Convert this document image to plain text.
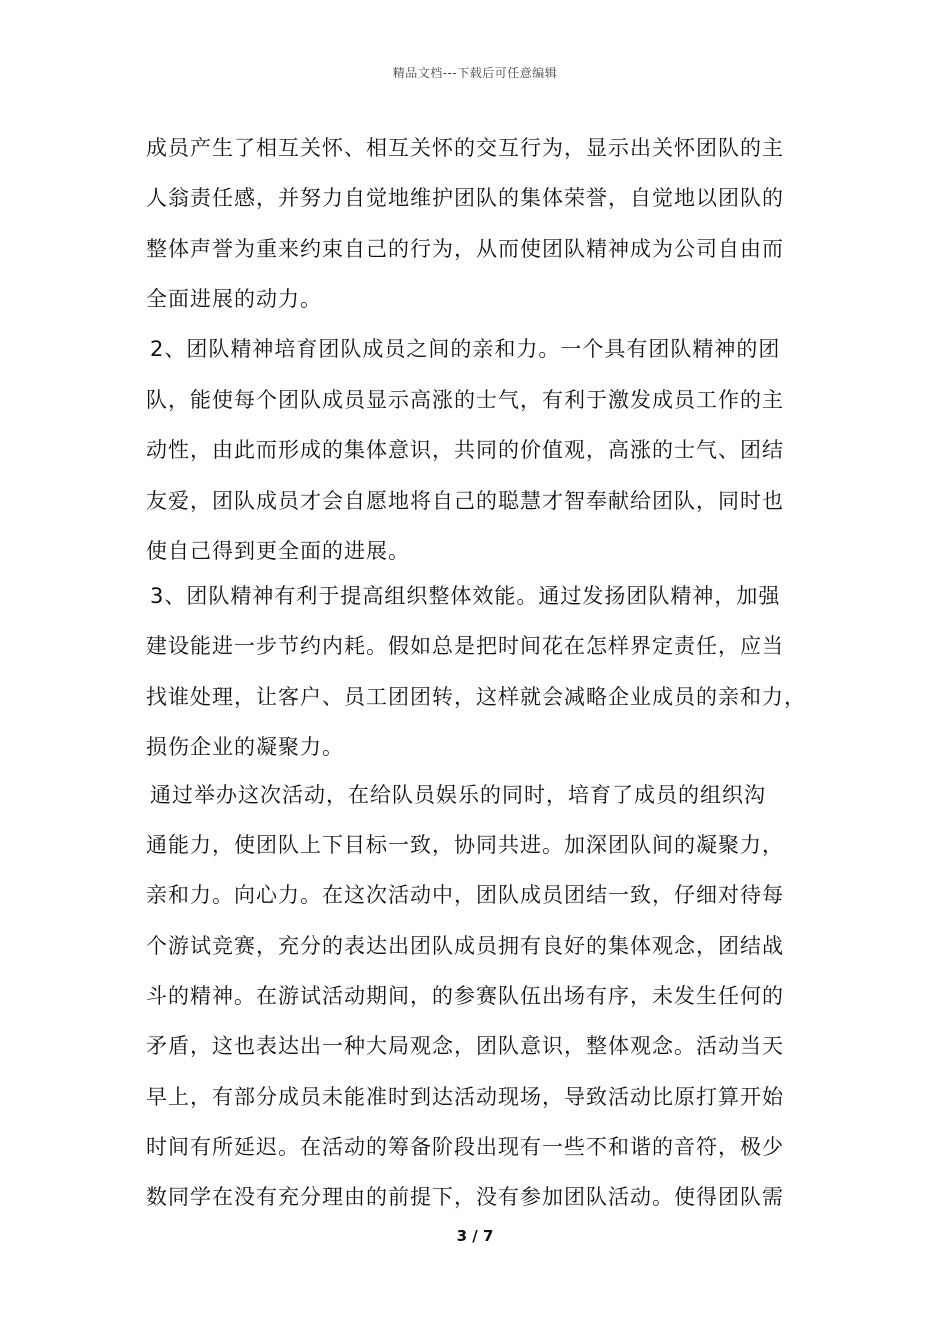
精品文档---下载后可任意编辑
成员产生了相互关怀、相互关怀的交互行为，显示出关怀团队的主
人翁责任感，并努力自觉地维护团队的集体荣誉，自觉地以团队的
整体声誉为重来约束自己的行为，从而使团队精神成为公司自由而
全面进展的动力。
2、团队精神培育团队成员之间的亲和力。一个具有团队精神的团
队，能使每个团队成员显示高涨的士气，有利于激发成员工作的主
动性，由此而形成的集体意识，共同的价值观，高涨的士气、团结
友爱，团队成员才会自愿地将自己的聪慧才智奉献给团队，同时也
使自己得到更全面的进展。
3、团队精神有利于提高组织整体效能。通过发扬团队精神，加强
建设能进一步节约内耗。假如总是把时间花在怎样界定责任，应当
找谁处理，让客户、员工团团转，这样就会减略企业成员的亲和力，
损伤企业的凝聚力。
通过举办这次活动，在给队员娱乐的同时，培育了成员的组织沟
通能力，使团队上下目标一致，协同共进。加深团队间的凝聚力，
亲和力。向心力。在这次活动中，团队成员团结一致，仔细对待每
个游试竞赛，充分的表达出团队成员拥有良好的集体观念，团结战
斗的精神。在游试活动期间，的参赛队伍出场有序，未发生任何的
矛盾，这也表达出一种大局观念，团队意识，整体观念。活动当天
早上，有部分成员未能准时到达活动现场，导致活动比原打算开始
时间有所延迟。在活动的筹备阶段出现有一些不和谐的音符，极少
数同学在没有充分理由的前提下，没有参加团队活动。使得团队需
3 / 7
